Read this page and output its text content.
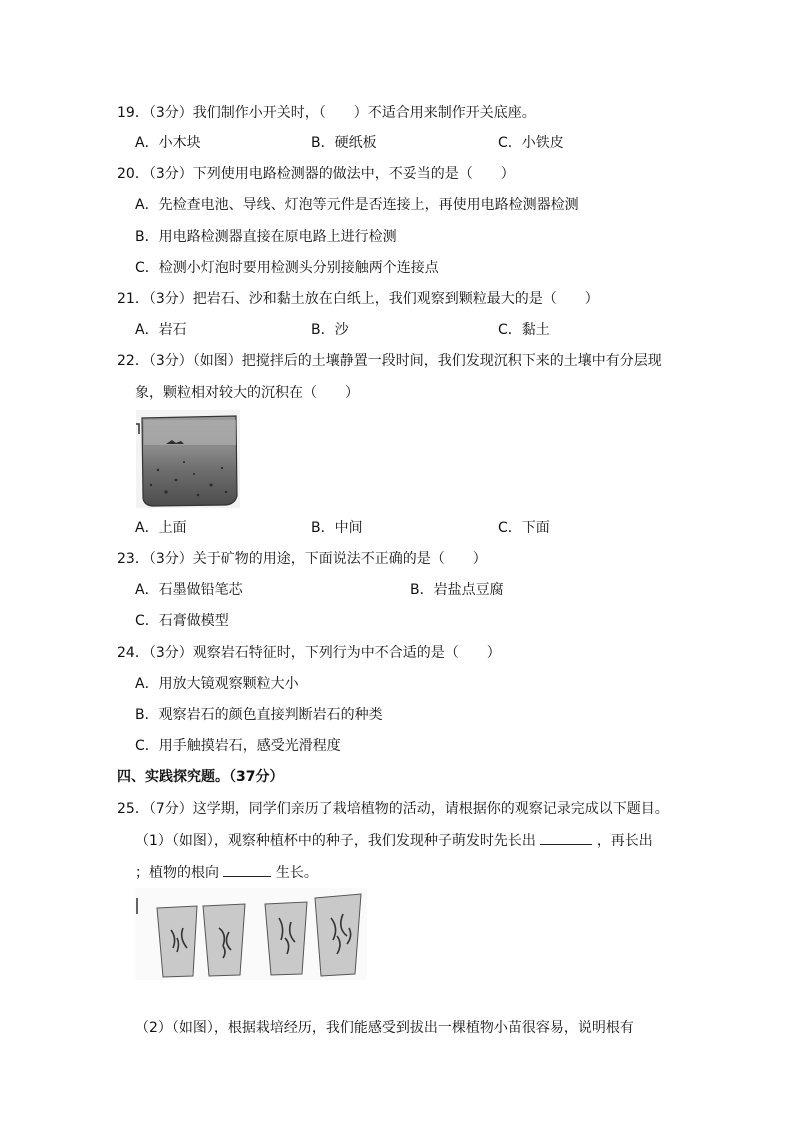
19．（3分）我们制作小开关时，（　　）不适合用来制作开关底座。
A．小木块	B．硬纸板	C．小铁皮
20．（3分）下列使用电路检测器的做法中，不妥当的是（　　）
A．先检查电池、导线、灯泡等元件是否连接上，再使用电路检测器检测
B．用电路检测器直接在原电路上进行检测
C．检测小灯泡时要用检测头分别接触两个连接点
21．（3分）把岩石、沙和黏土放在白纸上，我们观察到颗粒最大的是（　　）
A．岩石	B．沙	C．黏土
22．（3分）（如图）把搅拌后的土壤静置一段时间，我们发现沉积下来的土壤中有分层现
象，颗粒相对较大的沉积在（　　）
A．上面	B．中间	C．下面
23．（3分）关于矿物的用途，下面说法不正确的是（　　）
A．石墨做铅笔芯	B．岩盐点豆腐
C．石膏做模型
24．（3分）观察岩石特征时，下列行为中不合适的是（　　）
A．用放大镜观察颗粒大小
B．观察岩石的颜色直接判断岩石的种类
C．用手触摸岩石，感受光滑程度
四、实践探究题。（37分）
25．（7分）这学期，同学们亲历了栽培植物的活动，请根据你的观察记录完成以下题目。
（1）（如图），观察种植杯中的种子，我们发现种子萌发时先长出	，再长出
；植物的根向	生长。
（2）（如图），根据栽培经历，我们能感受到拔出一棵植物小苗很容易，说明根有
